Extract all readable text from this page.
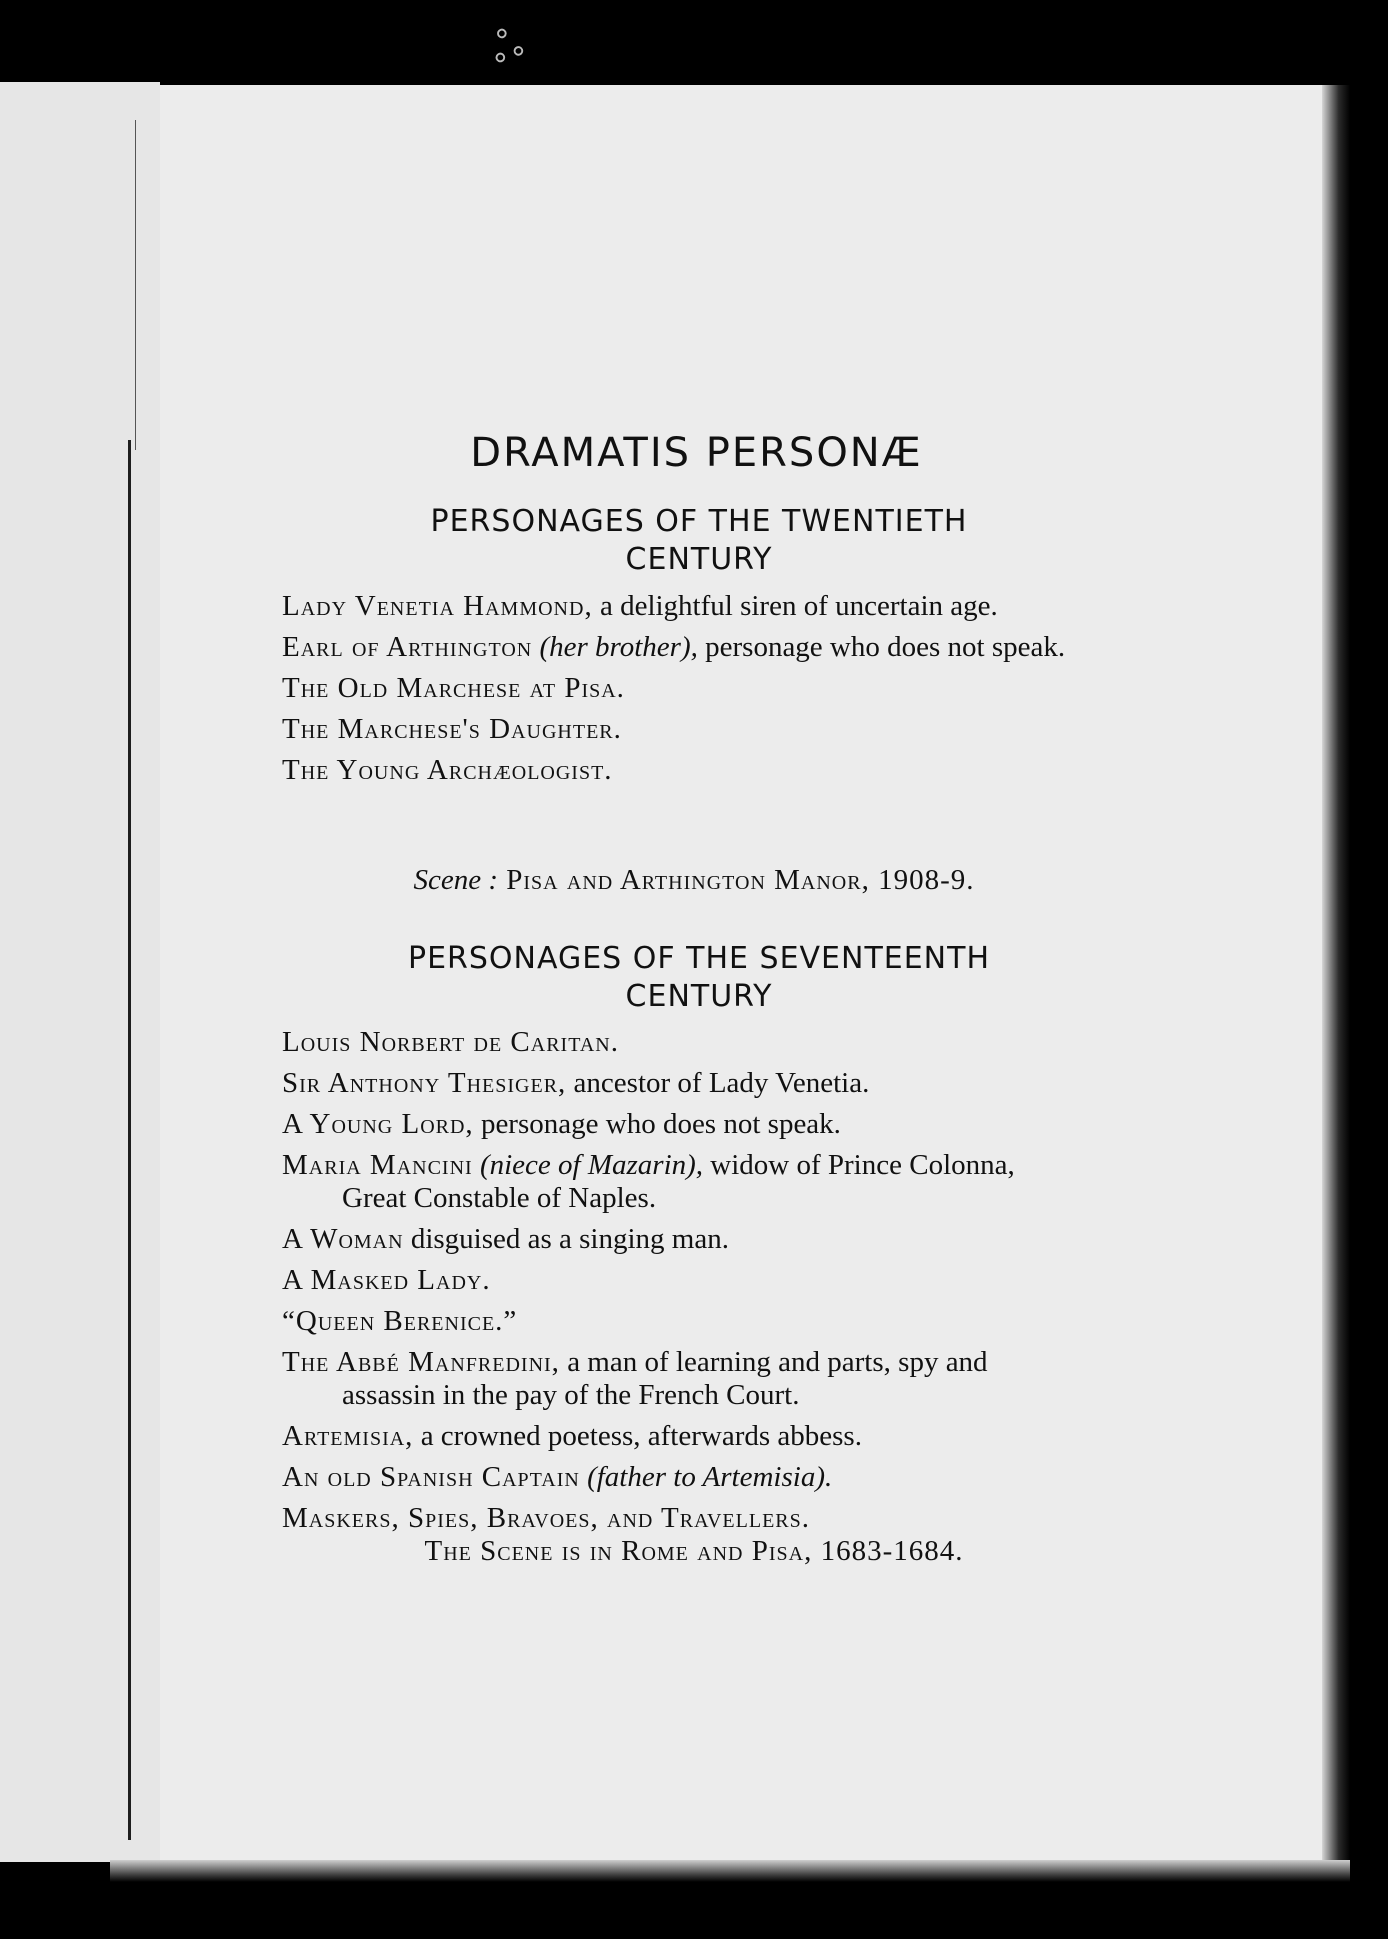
ஃ
DRAMATIS PERSONÆ
PERSONAGES OF THE TWENTIETH
CENTURY
Lady Venetia Hammond, a delightful siren of uncertain age.
Earl of Arthington (her brother), personage who does not speak.
The Old Marchese at Pisa.
The Marchese's Daughter.
The Young Archæologist.
Scene : Pisa and Arthington Manor, 1908-9.
PERSONAGES OF THE SEVENTEENTH
CENTURY
Louis Norbert de Caritan.
Sir Anthony Thesiger, ancestor of Lady Venetia.
A Young Lord, personage who does not speak.
Maria Mancini (niece of Mazarin), widow of Prince Colonna, Great Constable of Naples.
A Woman disguised as a singing man.
A Masked Lady.
“Queen Berenice.”
The Abbé Manfredini, a man of learning and parts, spy and assassin in the pay of the French Court.
Artemisia, a crowned poetess, afterwards abbess.
An old Spanish Captain (father to Artemisia).
Maskers, Spies, Bravoes, and Travellers.
The Scene is in Rome and Pisa, 1683-1684.
